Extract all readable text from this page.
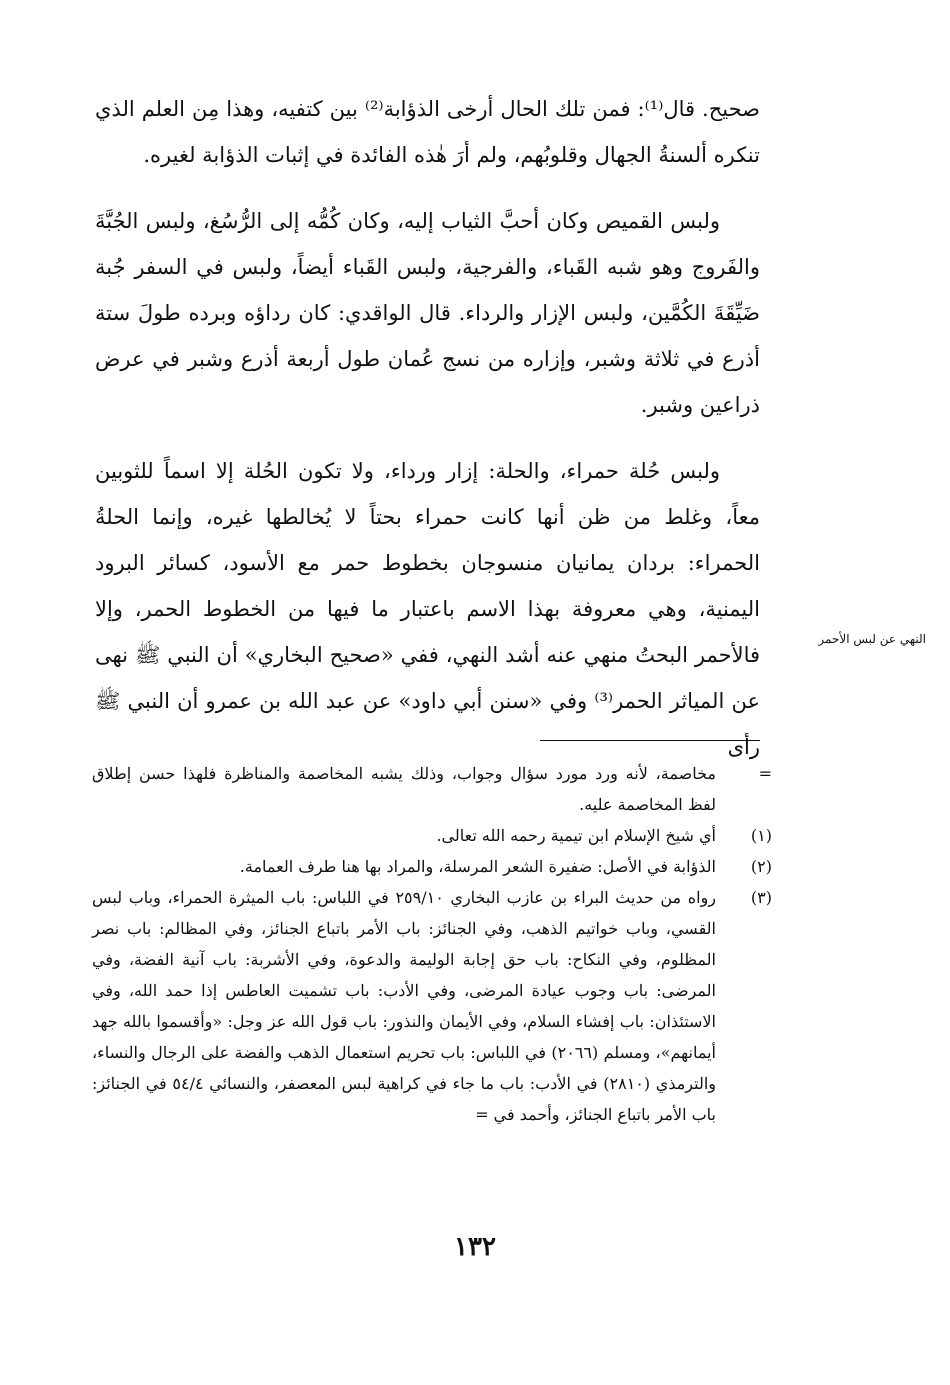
صحيح. قال⁽¹⁾: فمن تلك الحال أرخى الذؤابة⁽²⁾ بين كتفيه، وهذا مِن العلم الذي تنكره ألسنةُ الجهال وقلوبُهم، ولم أرَ هٰذه الفائدة في إثبات الذؤابة لغيره.

ولبس القميص وكان أحبَّ الثياب إليه، وكان كُمُّه إلى الرُّسُغ، ولبس الجُبَّةَ والفَروج وهو شبه القَباء، والفرجية، ولبس القَباء أيضاً، ولبس في السفر جُبة ضَيِّقَةَ الكُمَّين، ولبس الإزار والرداء. قال الواقدي: كان رداؤه وبرده طولَ ستة أذرع في ثلاثة وشبر، وإزاره من نسج عُمان طول أربعة أذرع وشبر في عرض ذراعين وشبر.

ولبس حُلة حمراء، والحلة: إزار ورداء، ولا تكون الحُلة إلا اسماً للثوبين معاً، وغلط من ظن أنها كانت حمراء بحتاً لا يُخالطها غيره، وإنما الحلةُ الحمراء: بردان يمانيان منسوجان بخطوط حمر مع الأسود، كسائر البرود اليمنية، وهي معروفة بهذا الاسم باعتبار ما فيها من الخطوط الحمر، وإلا فالأحمر البحتُ منهي عنه أشد النهي، ففي «صحيح البخاري» أن النبي ﷺ نهى عن المياثر الحمر⁽³⁾ وفي «سنن أبي داود» عن عبد الله بن عمرو أن النبي ﷺ رأى

النهي عن لبس الأحمر
=
مخاصمة، لأنه ورد مورد سؤال وجواب، وذلك يشبه المخاصمة والمناظرة فلهذا حسن إطلاق لفظ المخاصمة عليه.
(١)
أي شيخ الإسلام ابن تيمية رحمه الله تعالى.
(٢)
الذؤابة في الأصل: ضفيرة الشعر المرسلة، والمراد بها هنا طرف العمامة.
(٣)
رواه من حديث البراء بن عازب البخاري ٢٥٩/١٠ في اللباس: باب الميثرة الحمراء، وباب لبس القسي، وباب خواتيم الذهب، وفي الجنائز: باب الأمر باتباع الجنائز، وفي المظالم: باب نصر المظلوم، وفي النكاح: باب حق إجابة الوليمة والدعوة، وفي الأشربة: باب آنية الفضة، وفي المرضى: باب وجوب عيادة المرضى، وفي الأدب: باب تشميت العاطس إذا حمد الله، وفي الاستئذان: باب إفشاء السلام، وفي الأيمان والنذور: باب قول الله عز وجل: «وأقسموا بالله جهد أيمانهم»، ومسلم (٢٠٦٦) في اللباس: باب تحريم استعمال الذهب والفضة على الرجال والنساء، والترمذي (٢٨١٠) في الأدب: باب ما جاء في كراهية لبس المعصفر، والنسائي ٥٤/٤ في الجنائز: باب الأمر باتباع الجنائز، وأحمد في =
١٣٢
